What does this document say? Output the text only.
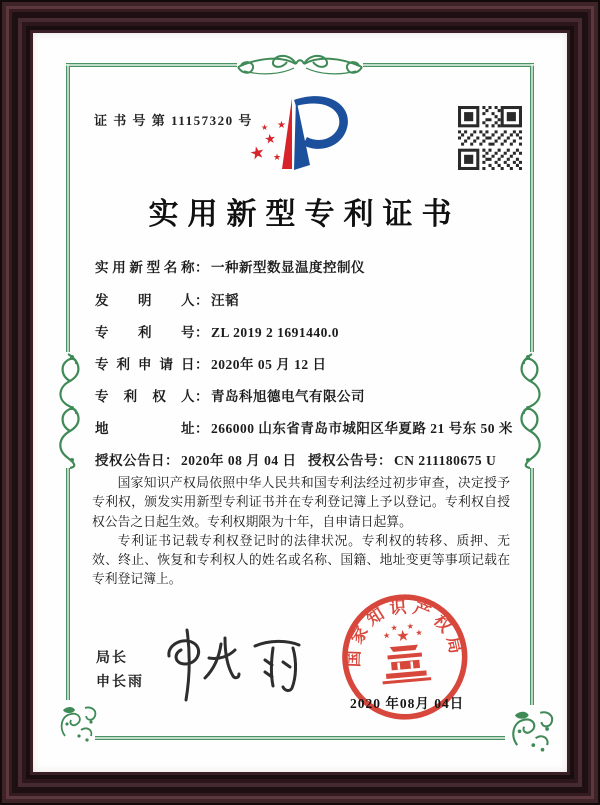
证 书 号 第 11157320 号
★
★
★
★
★
实用新型专利证书
实用新型名称： 一种新型数显温度控制仪
发明人： 汪韬
专利号： ZL 2019 2 1691440.0
专利申请日： 2020年 05 月 12 日
专利权人： 青岛科旭德电气有限公司
地址： 266000 山东省青岛市城阳区华夏路 21 号东 50 米
授权公告日： 2020年 08 月 04 日 授权公告号： CN 211180675 U

国家知识产权局依照中华人民共和国专利法经过初步审查，决定授予专利权，颁发实用新型专利证书并在专利登记簿上予以登记。专利权自授权公告之日起生效。专利权期限为十年，自申请日起算。

专利证书记载专利权登记时的法律状况。专利权的转移、质押、无效、终止、恢复和专利权人的姓名或名称、国籍、地址变更等事项记载在专利登记簿上。

局长
申长雨
国家知识产权局
★
★
★ ★
★
2020 年08月 04日
